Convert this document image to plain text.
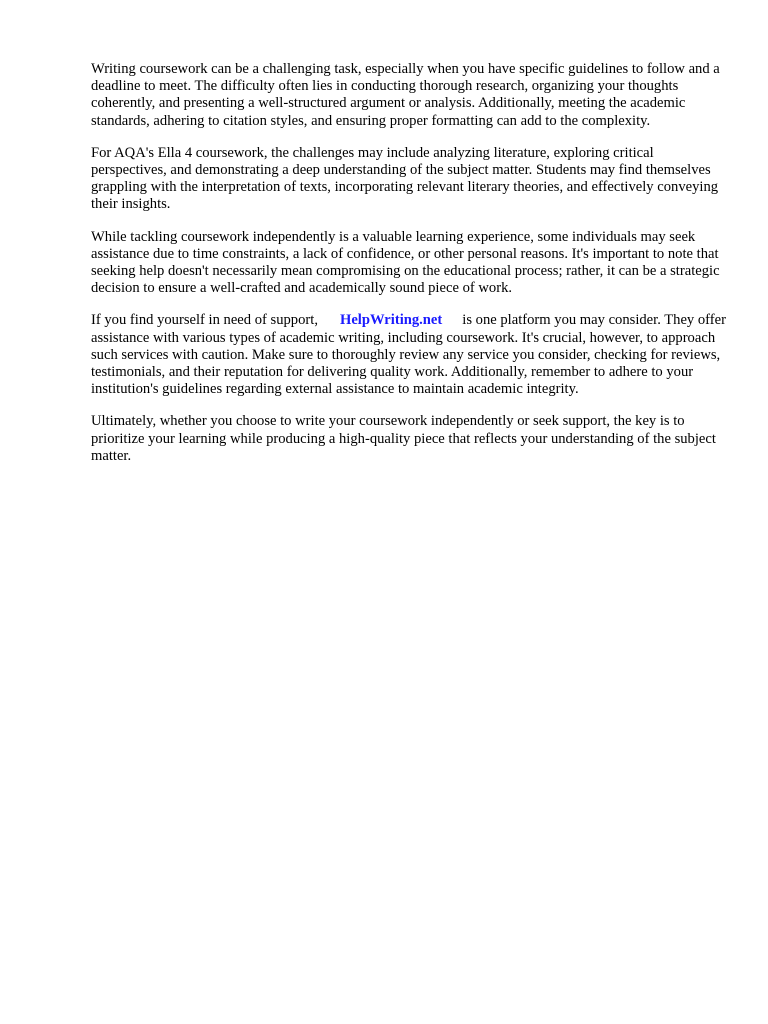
Writing coursework can be a challenging task, especially when you have specific guidelines to follow and a deadline to meet. The difficulty often lies in conducting thorough research, organizing your thoughts coherently, and presenting a well-structured argument or analysis. Additionally, meeting the academic standards, adhering to citation styles, and ensuring proper formatting can add to the complexity.

For AQA's Ella 4 coursework, the challenges may include analyzing literature, exploring critical perspectives, and demonstrating a deep understanding of the subject matter. Students may find themselves grappling with the interpretation of texts, incorporating relevant literary theories, and effectively conveying their insights.

While tackling coursework independently is a valuable learning experience, some individuals may seek assistance due to time constraints, a lack of confidence, or other personal reasons. It's important to note that seeking help doesn't necessarily mean compromising on the educational process; rather, it can be a strategic decision to ensure a well-crafted and academically sound piece of work.

If you find yourself in need of support, HelpWriting.net is one platform you may consider. They offer assistance with various types of academic writing, including coursework. It's crucial, however, to approach such services with caution. Make sure to thoroughly review any service you consider, checking for reviews, testimonials, and their reputation for delivering quality work. Additionally, remember to adhere to your institution's guidelines regarding external assistance to maintain academic integrity.

Ultimately, whether you choose to write your coursework independently or seek support, the key is to prioritize your learning while producing a high-quality piece that reflects your understanding of the subject matter.
